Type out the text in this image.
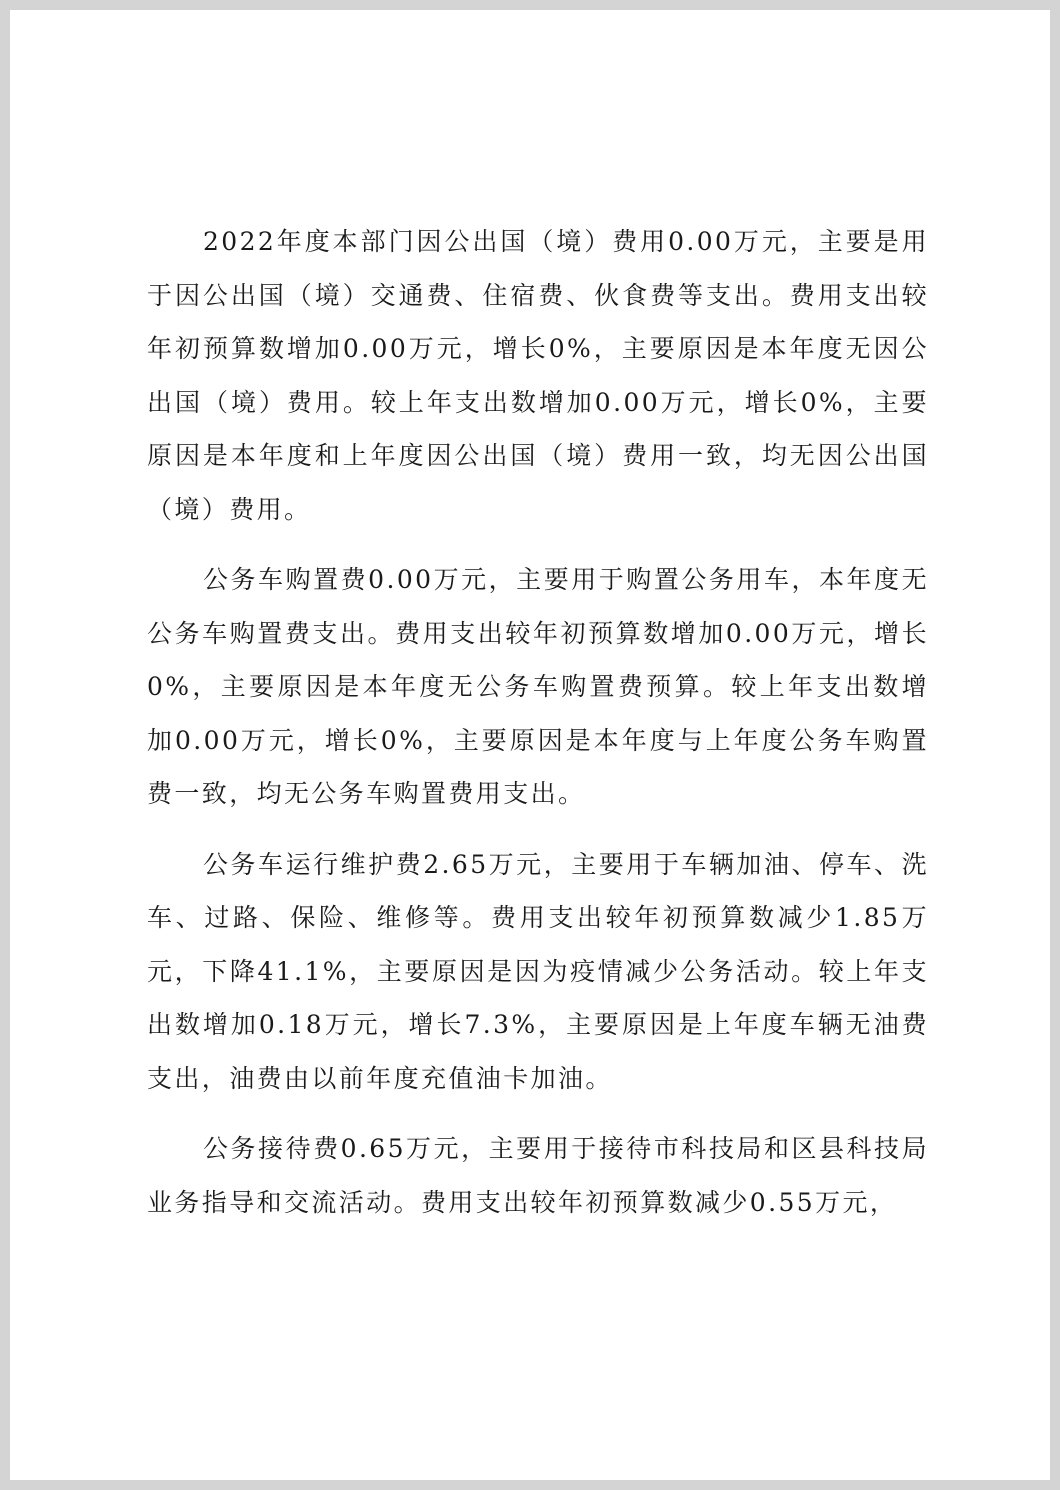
2022年度本部门因公出国（境）费用0.00万元，主要是用于因公出国（境）交通费、住宿费、伙食费等支出。费用支出较年初预算数增加0.00万元，增长0%，主要原因是本年度无因公出国（境）费用。较上年支出数增加0.00万元，增长0%，主要原因是本年度和上年度因公出国（境）费用一致，均无因公出国（境）费用。

公务车购置费0.00万元，主要用于购置公务用车，本年度无公务车购置费支出。费用支出较年初预算数增加0.00万元，增长0%，主要原因是本年度无公务车购置费预算。较上年支出数增加0.00万元，增长0%，主要原因是本年度与上年度公务车购置费一致，均无公务车购置费用支出。

公务车运行维护费2.65万元，主要用于车辆加油、停车、洗车、过路、保险、维修等。费用支出较年初预算数减少1.85万元，下降41.1%，主要原因是因为疫情减少公务活动。较上年支出数增加0.18万元，增长7.3%，主要原因是上年度车辆无油费支出，油费由以前年度充值油卡加油。

公务接待费0.65万元，主要用于接待市科技局和区县科技局业务指导和交流活动。费用支出较年初预算数减少0.55万元，
